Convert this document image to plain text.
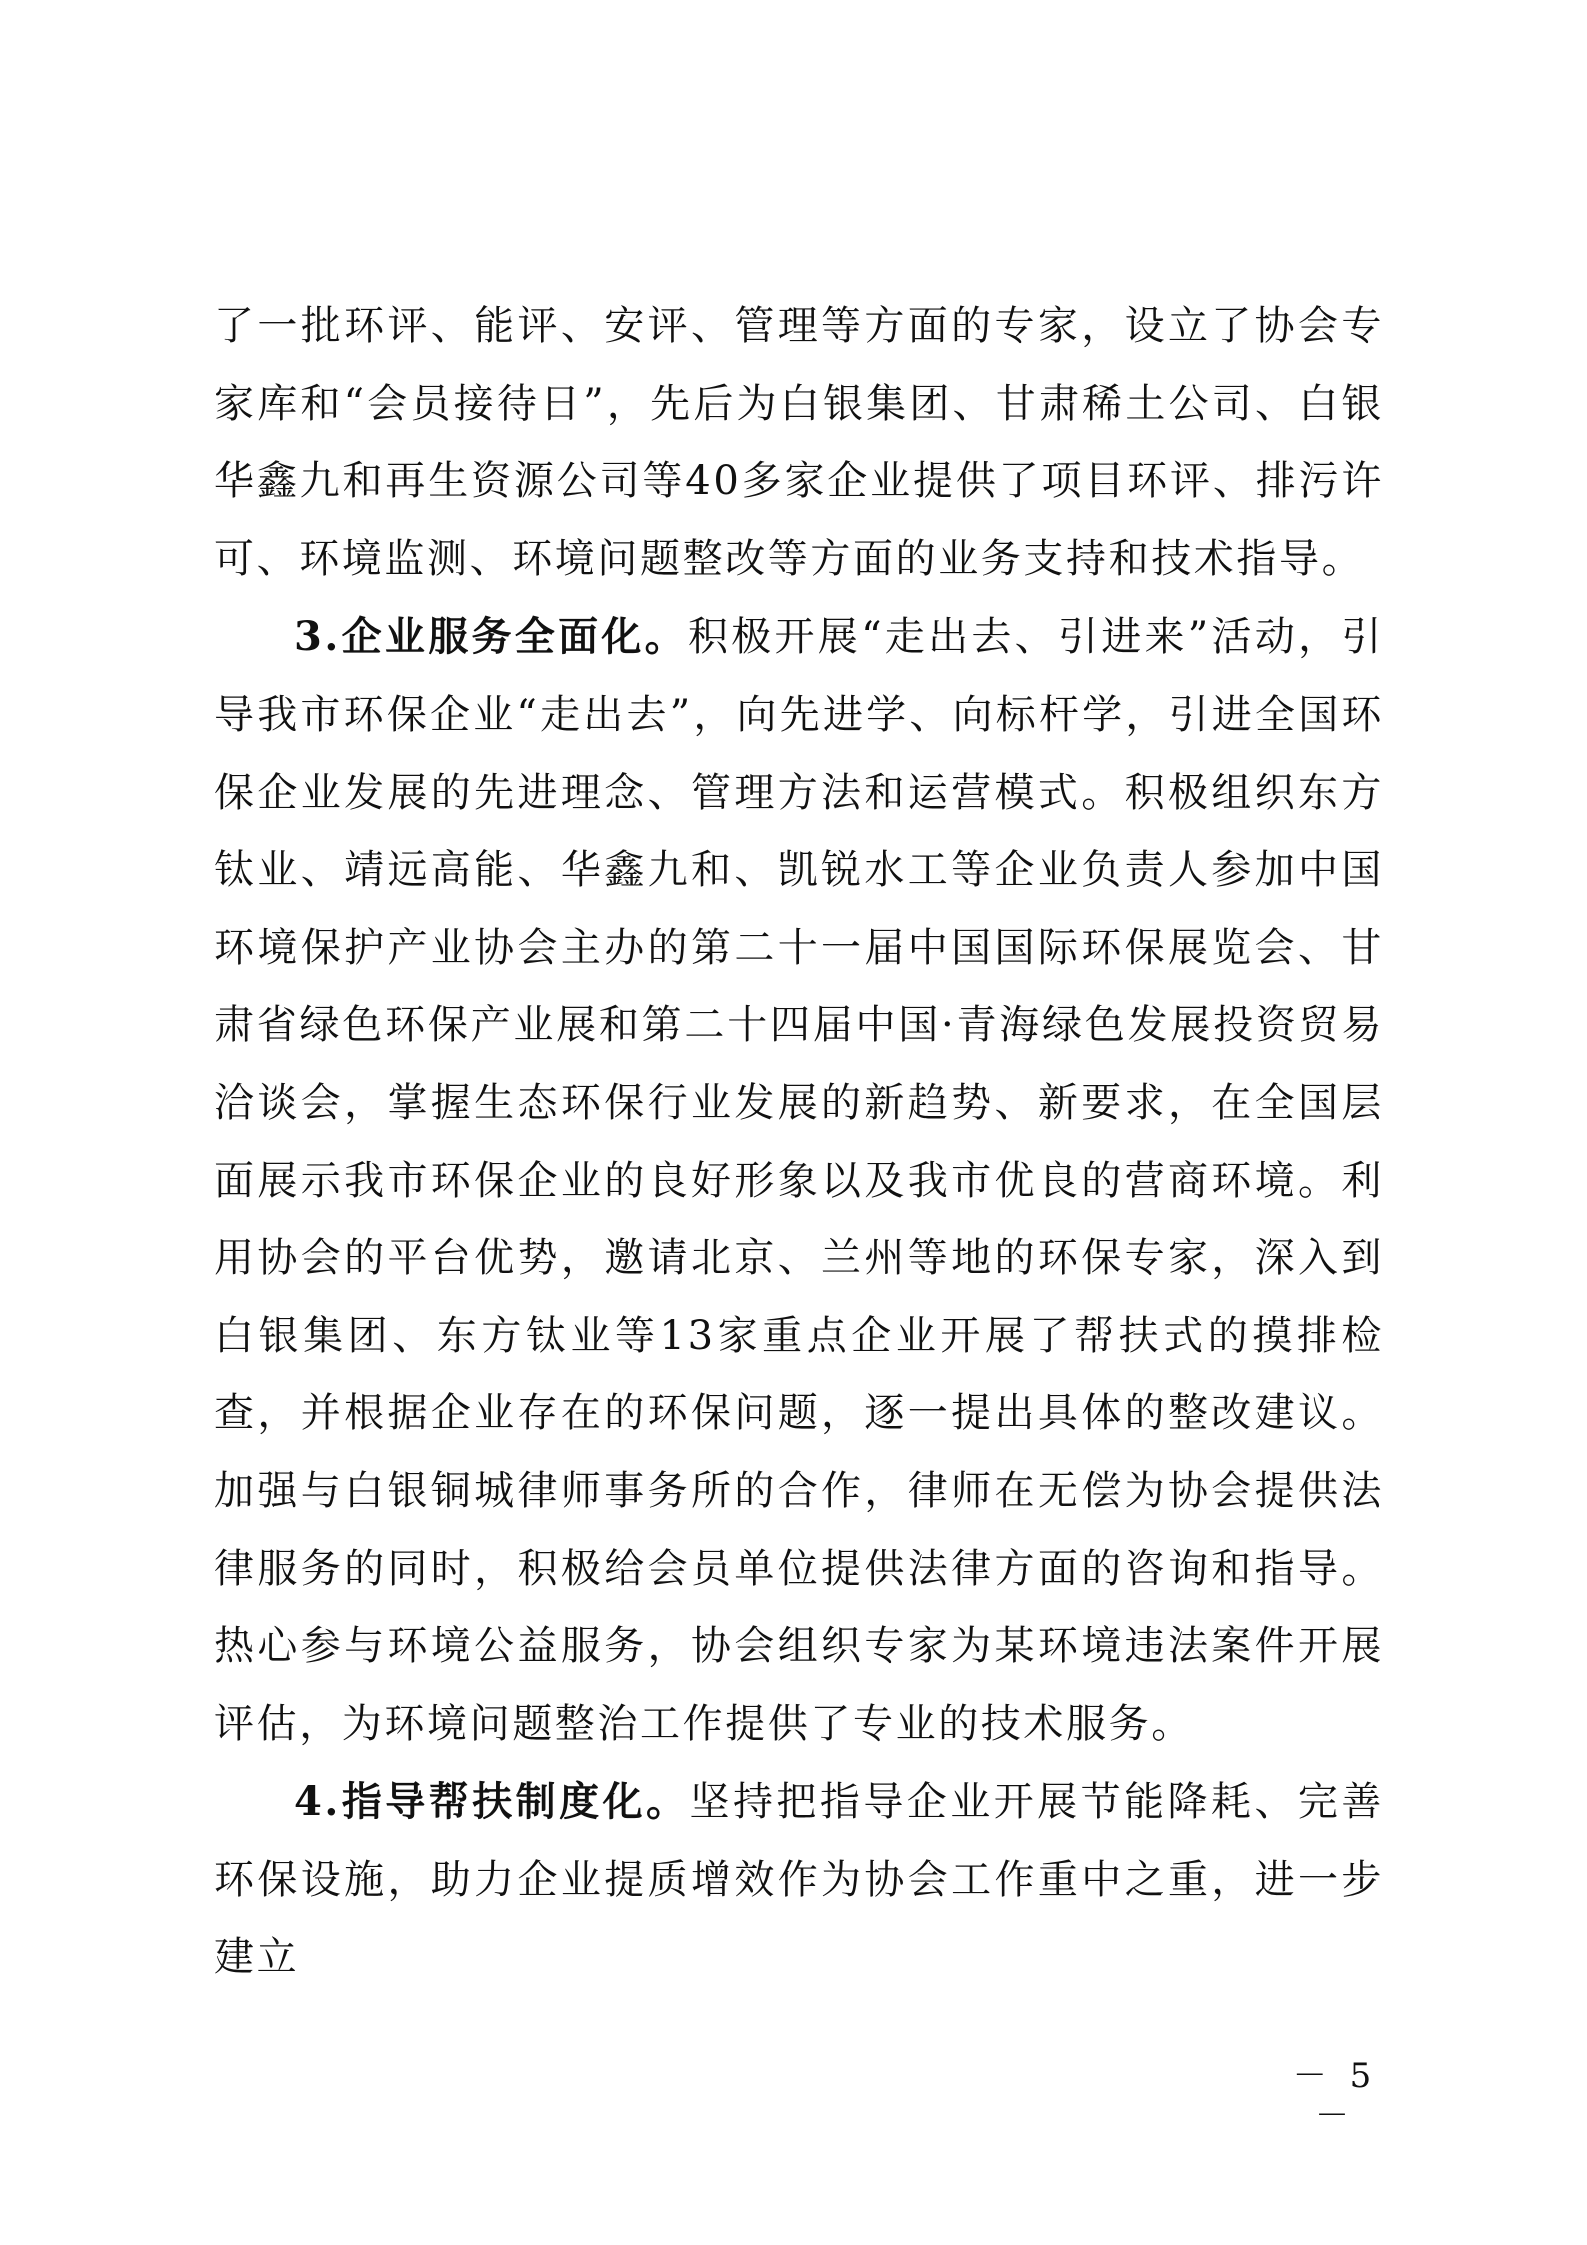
了一批环评、能评、安评、管理等方面的专家，设立了协会专家库和“会员接待日”，先后为白银集团、甘肃稀土公司、白银华鑫九和再生资源公司等40多家企业提供了项目环评、排污许可、环境监测、环境问题整改等方面的业务支持和技术指导。

3.企业服务全面化。积极开展“走出去、引进来”活动，引导我市环保企业“走出去”，向先进学、向标杆学，引进全国环保企业发展的先进理念、管理方法和运营模式。积极组织东方钛业、靖远高能、华鑫九和、凯锐水工等企业负责人参加中国环境保护产业协会主办的第二十一届中国国际环保展览会、甘肃省绿色环保产业展和第二十四届中国·青海绿色发展投资贸易洽谈会，掌握生态环保行业发展的新趋势、新要求，在全国层面展示我市环保企业的良好形象以及我市优良的营商环境。利用协会的平台优势，邀请北京、兰州等地的环保专家，深入到白银集团、东方钛业等13家重点企业开展了帮扶式的摸排检查，并根据企业存在的环保问题，逐一提出具体的整改建议。加强与白银铜城律师事务所的合作，律师在无偿为协会提供法律服务的同时，积极给会员单位提供法律方面的咨询和指导。热心参与环境公益服务，协会组织专家为某环境违法案件开展评估，为环境问题整治工作提供了专业的技术服务。

4.指导帮扶制度化。坚持把指导企业开展节能降耗、完善环保设施，助力企业提质增效作为协会工作重中之重，进一步建立

－ 5 －
